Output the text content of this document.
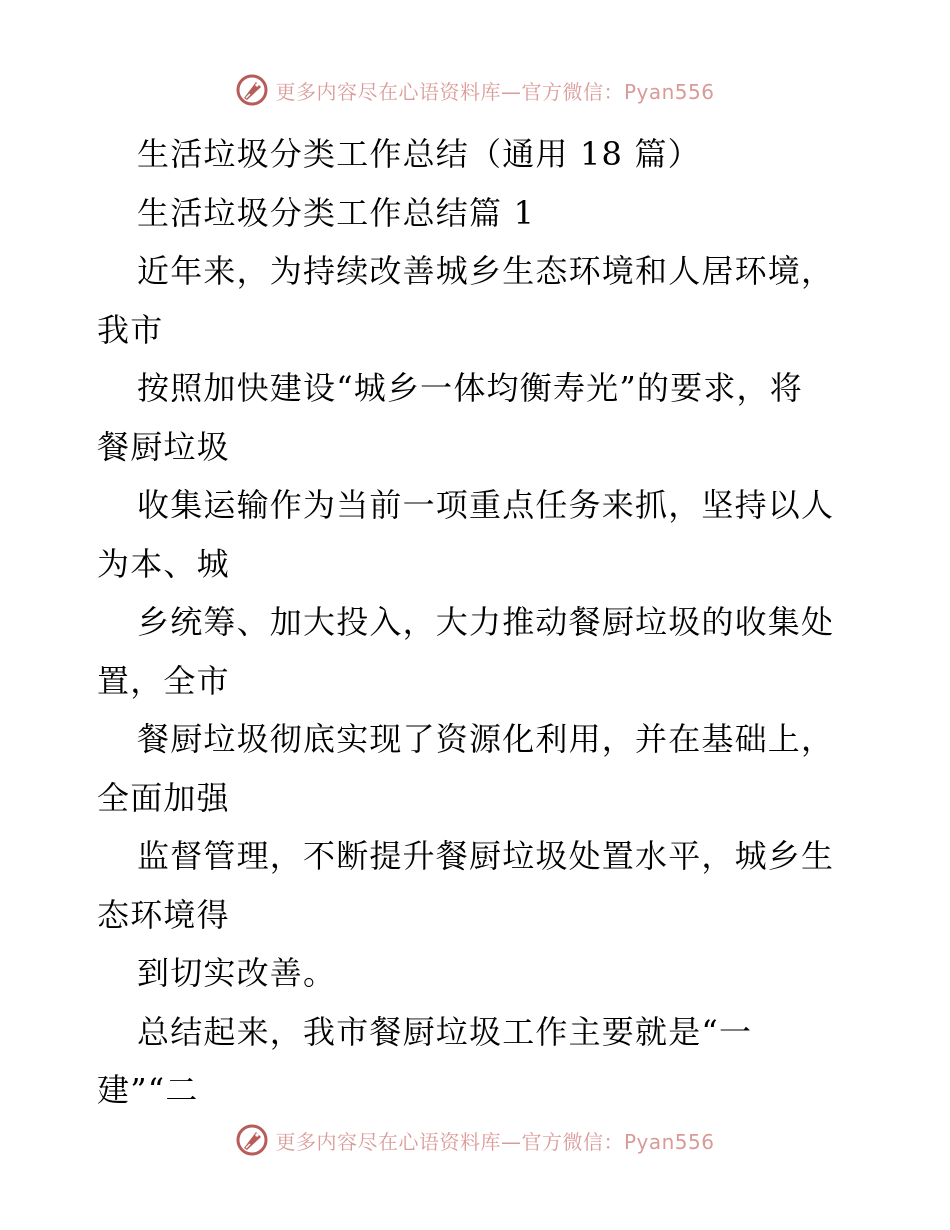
更多内容尽在心语资料库—官方微信：Pyan556
生活垃圾分类工作总结（通用 18 篇）
生活垃圾分类工作总结篇 1
近年来，为持续改善城乡生态环境和人居环境，
我市
按照加快建设“城乡一体均衡寿光”的要求，将
餐厨垃圾
收集运输作为当前一项重点任务来抓，坚持以人
为本、城
乡统筹、加大投入，大力推动餐厨垃圾的收集处
置，全市
餐厨垃圾彻底实现了资源化利用，并在基础上，
全面加强
监督管理，不断提升餐厨垃圾处置水平，城乡生
态环境得
到切实改善。
总结起来，我市餐厨垃圾工作主要就是“一
建”“二
更多内容尽在心语资料库—官方微信：Pyan556
